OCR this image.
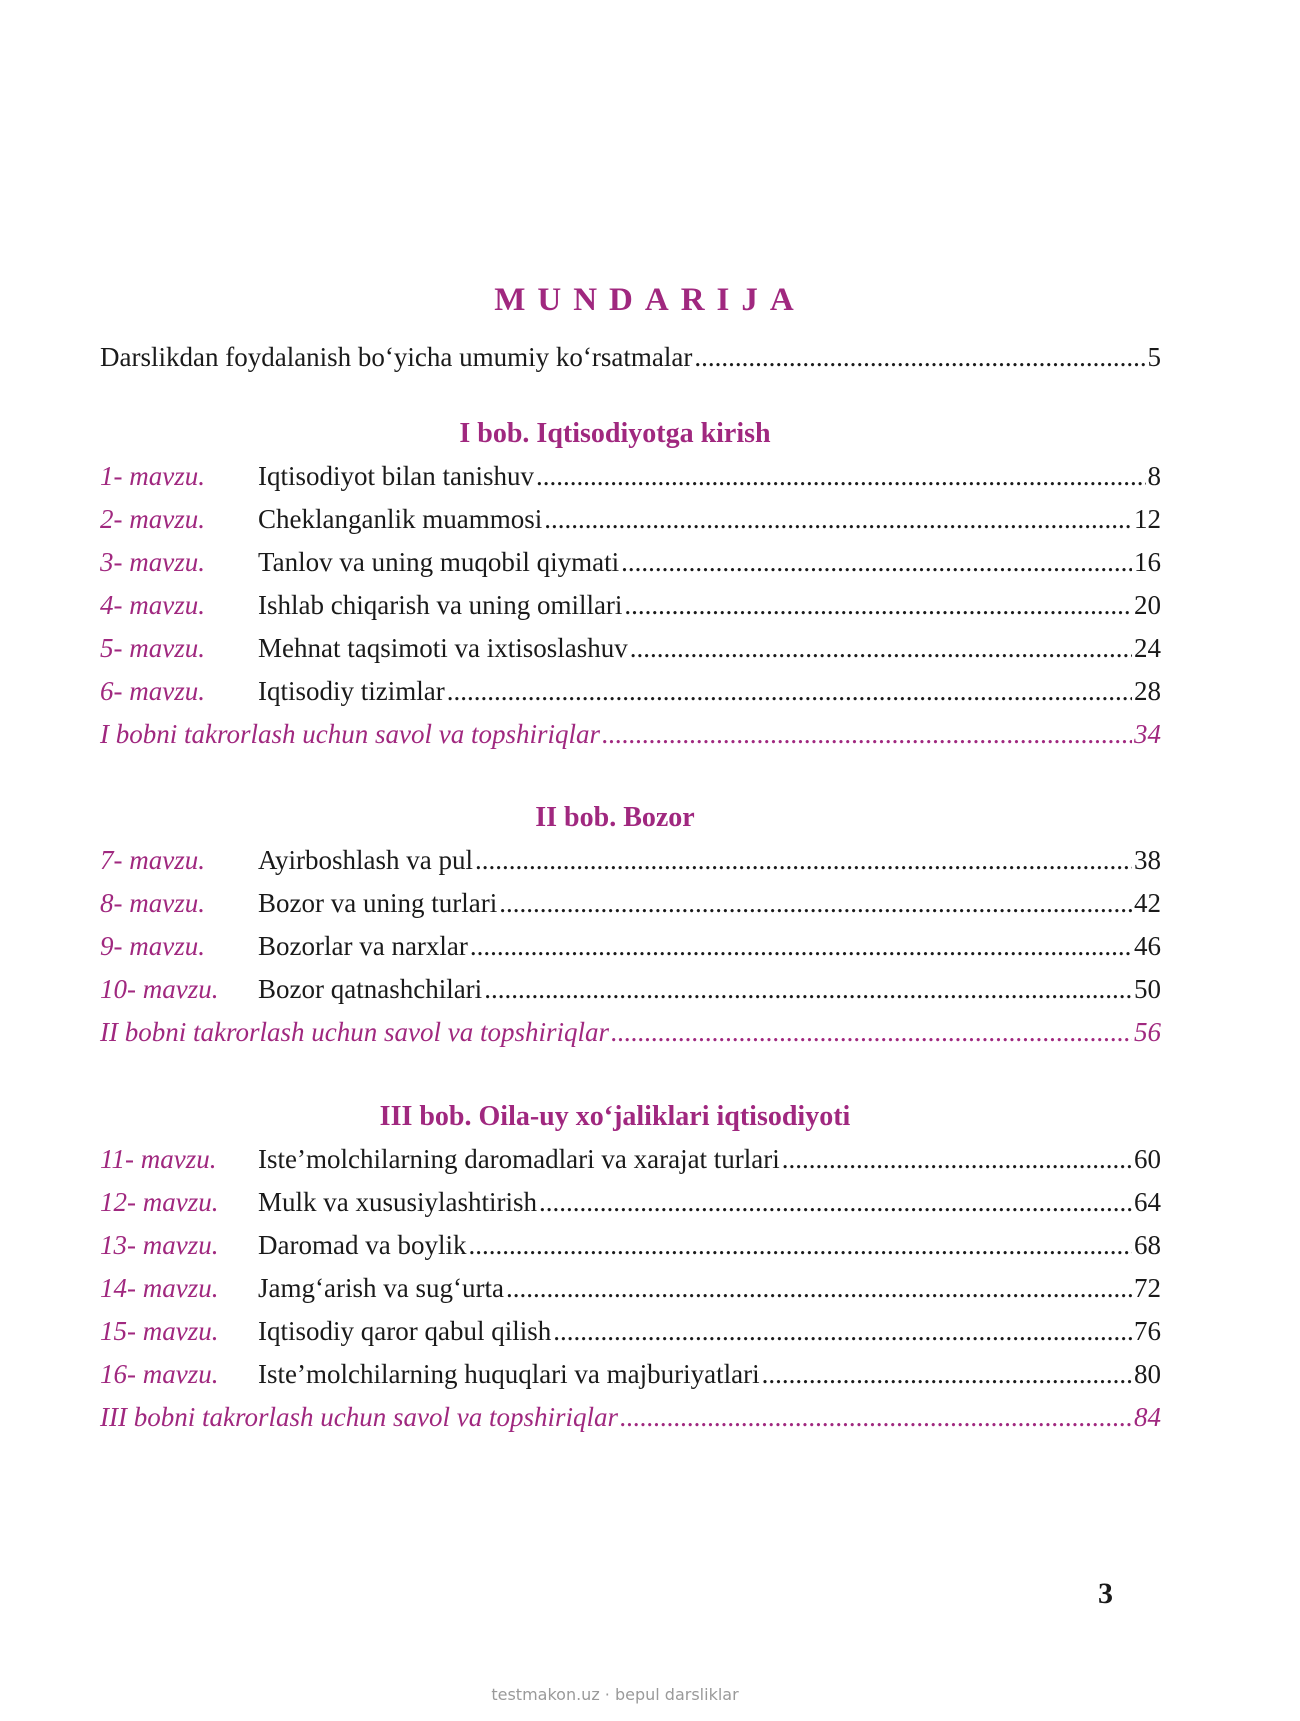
MUNDARIJA
Darslikdan foydalanish bo‘yicha umumiy ko‘rsatmalar .....	5
I bob. Iqtisodiyotga kirish
1- mavzu.	Iqtisodiyot bilan tanishuv .....	8
2- mavzu.	Cheklanganlik muammosi .....	12
3- mavzu.	Tanlov va uning muqobil qiymati .....	16
4- mavzu.	Ishlab chiqarish va uning omillari .....	20
5- mavzu.	Mehnat taqsimoti va ixtisoslashuv .....	24
6- mavzu.	Iqtisodiy tizimlar .....	28
I bobni takrorlash uchun savol va topshiriqlar .....	34
II bob. Bozor
7- mavzu.	Ayirboshlash va pul .....	38
8- mavzu.	Bozor va uning turlari .....	42
9- mavzu.	Bozorlar va narxlar .....	46
10- mavzu.	Bozor qatnashchilari .....	50
II bobni takrorlash uchun savol va topshiriqlar .....	56
III bob. Oila-uy xo‘jaliklari iqtisodiyoti
11- mavzu.	Iste’molchilarning daromadlari va xarajat turlari .....	60
12- mavzu.	Mulk va xususiylashtirish .....	64
13- mavzu.	Daromad va boylik .....	68
14- mavzu.	Jamg‘arish va sug‘urta .....	72
15- mavzu.	Iqtisodiy qaror qabul qilish .....	76
16- mavzu.	Iste’molchilarning huquqlari va majburiyatlari .....	80
III bobni takrorlash uchun savol va topshiriqlar .....	84
3
testmakon.uz · bepul darsliklar
